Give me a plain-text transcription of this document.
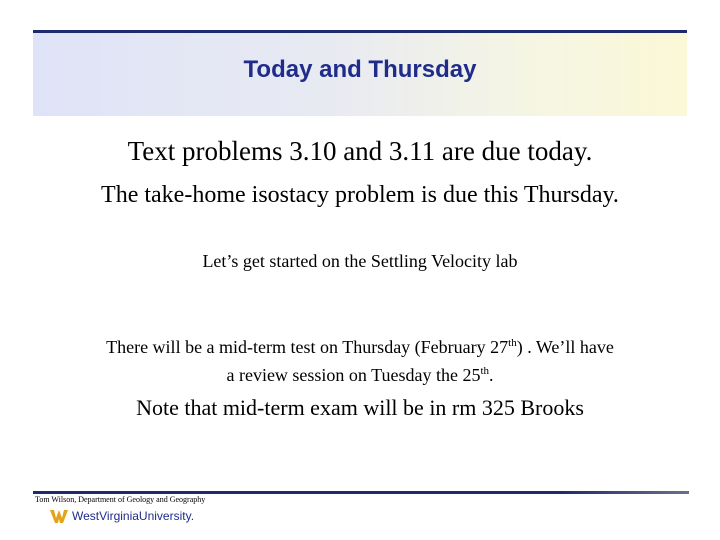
Today and Thursday
Text problems 3.10 and 3.11 are due today.
The take-home isostacy problem is due this Thursday.
Let’s get started on the Settling Velocity lab
There will be a mid-term test on Thursday (February 27th) . We’ll have
a review session on Tuesday the 25th.
Note that mid-term exam will be in rm 325 Brooks
Tom Wilson, Department of Geology and Geography
WestVirginiaUniversity.
